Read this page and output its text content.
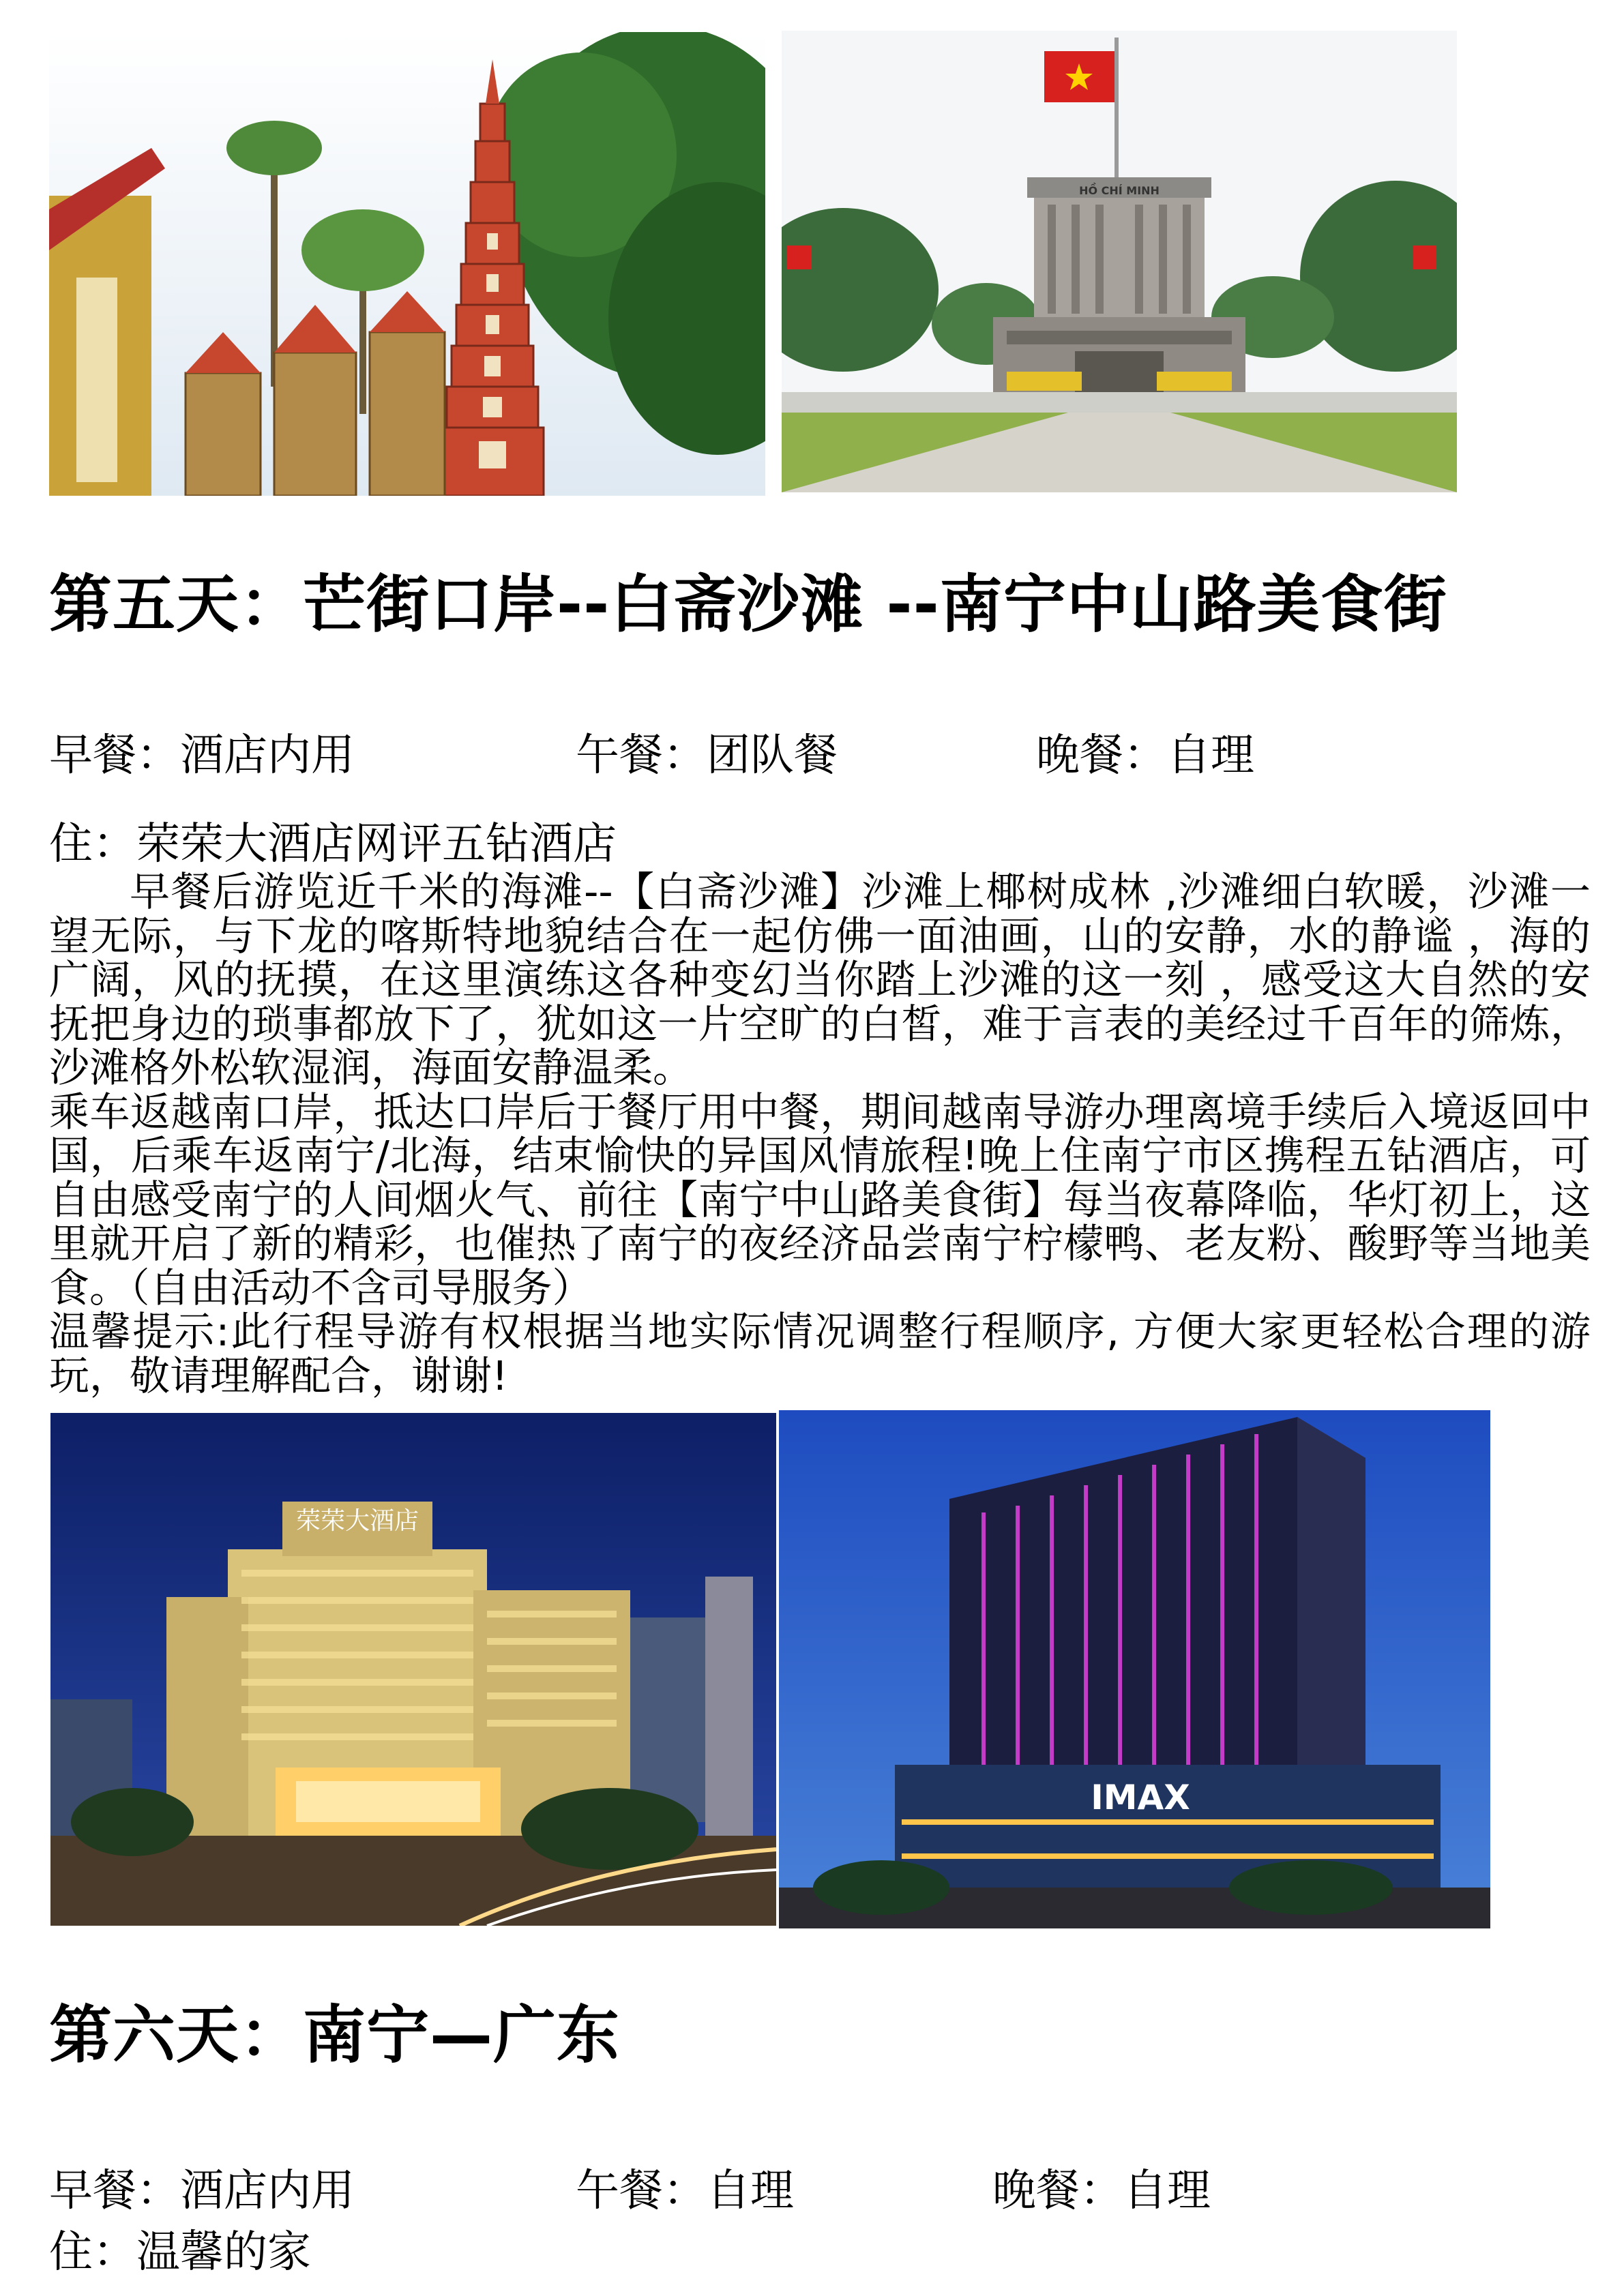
HỒ CHÍ MINH
第五天：芒街口岸--白斋沙滩 --南宁中山路美食街
早餐：酒店内用	午餐：团队餐	晚餐：自理
住：荣荣大酒店网评五钻酒店

早餐后游览近千米的海滩--【白斋沙滩】沙滩上椰树成林 ,沙滩细白软暖，沙滩一望无际，与下龙的喀斯特地貌结合在一起仿佛一面油画，山的安静，水的静谧 ，海的广阔，风的抚摸，在这里演练这各种变幻当你踏上沙滩的这一刻 ，感受这大自然的安抚把身边的琐事都放下了，犹如这一片空旷的白皙，难于言表的美经过千百年的筛炼，沙滩格外松软湿润，海面安静温柔。

乘车返越南口岸，抵达口岸后于餐厅用中餐，期间越南导游办理离境手续后入境返回中国，后乘车返南宁/北海，结束愉快的异国风情旅程!晚上住南宁市区携程五钻酒店，可自由感受南宁的人间烟火气、前往【南宁中山路美食街】每当夜幕降临，华灯初上，这里就开启了新的精彩，也催热了南宁的夜经济品尝南宁柠檬鸭、老友粉、酸野等当地美食。（自由活动不含司导服务）

温馨提示:此行程导游有权根据当地实际情况调整行程顺序, 方便大家更轻松合理的游玩，敬请理解配合，谢谢!

荣荣大酒店
IMAX
第六天：南宁—广东
早餐：酒店内用	午餐：自理	晚餐：自理
住：温馨的家
